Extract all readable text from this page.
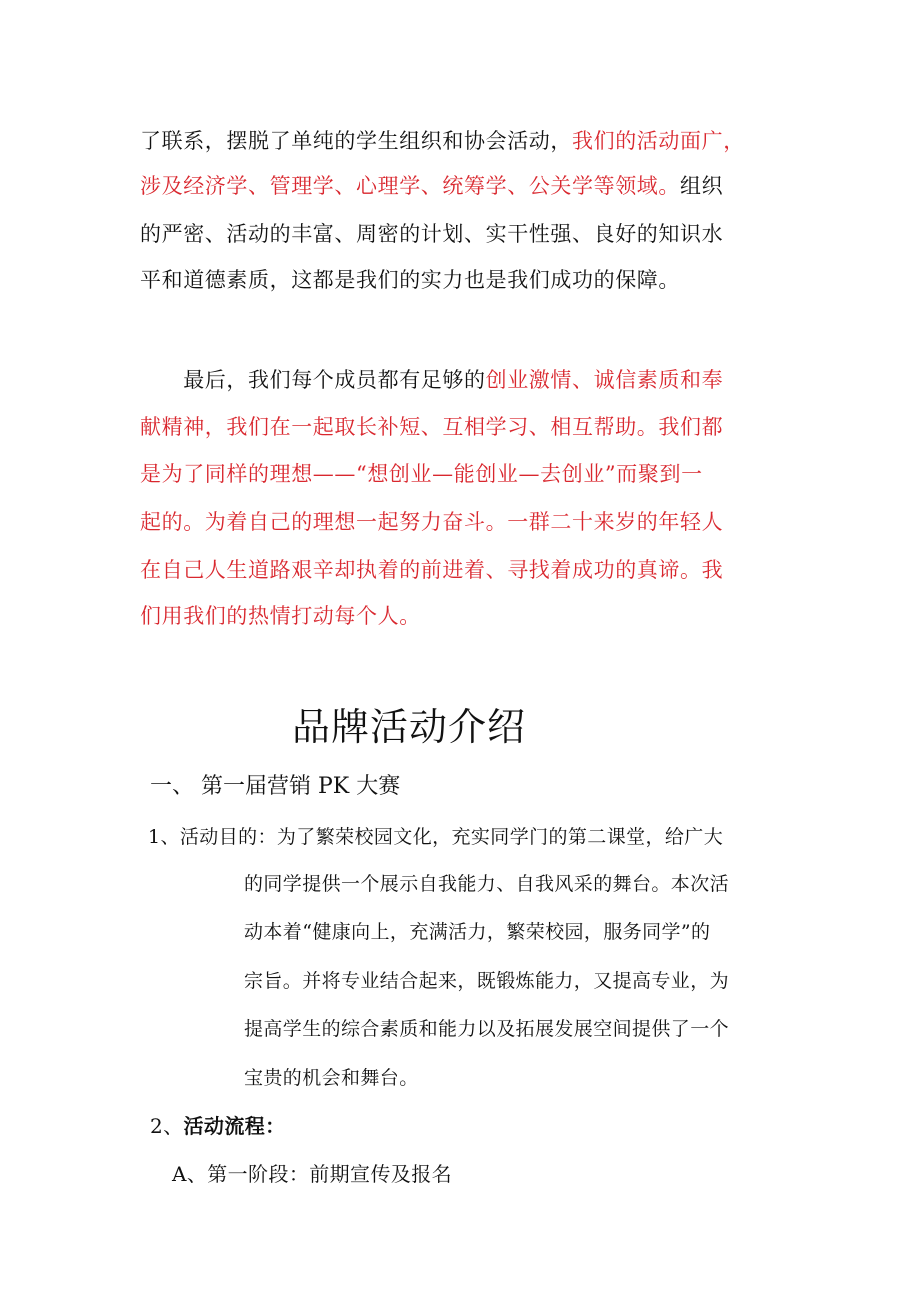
了联系，摆脱了单纯的学生组织和协会活动，我们的活动面广，
涉及经济学、管理学、心理学、统筹学、公关学等领域。组织
的严密、活动的丰富、周密的计划、实干性强、良好的知识水
平和道德素质，这都是我们的实力也是我们成功的保障。
　　最后，我们每个成员都有足够的创业激情、诚信素质和奉
献精神，我们在一起取长补短、互相学习、相互帮助。我们都
是为了同样的理想——“想创业—能创业—去创业”而聚到一
起的。为着自己的理想一起努力奋斗。一群二十来岁的年轻人
在自己人生道路艰辛却执着的前进着、寻找着成功的真谛。我
们用我们的热情打动每个人。
品牌活动介绍
一、 第一届营销 PK 大赛
1、活动目的：为了繁荣校园文化，充实同学门的第二课堂，给广大
的同学提供一个展示自我能力、自我风采的舞台。本次活
动本着“健康向上，充满活力，繁荣校园，服务同学”的
宗旨。并将专业结合起来，既锻炼能力，又提高专业，为
提高学生的综合素质和能力以及拓展发展空间提供了一个
宝贵的机会和舞台。
2、活动流程：
A、第一阶段：前期宣传及报名
